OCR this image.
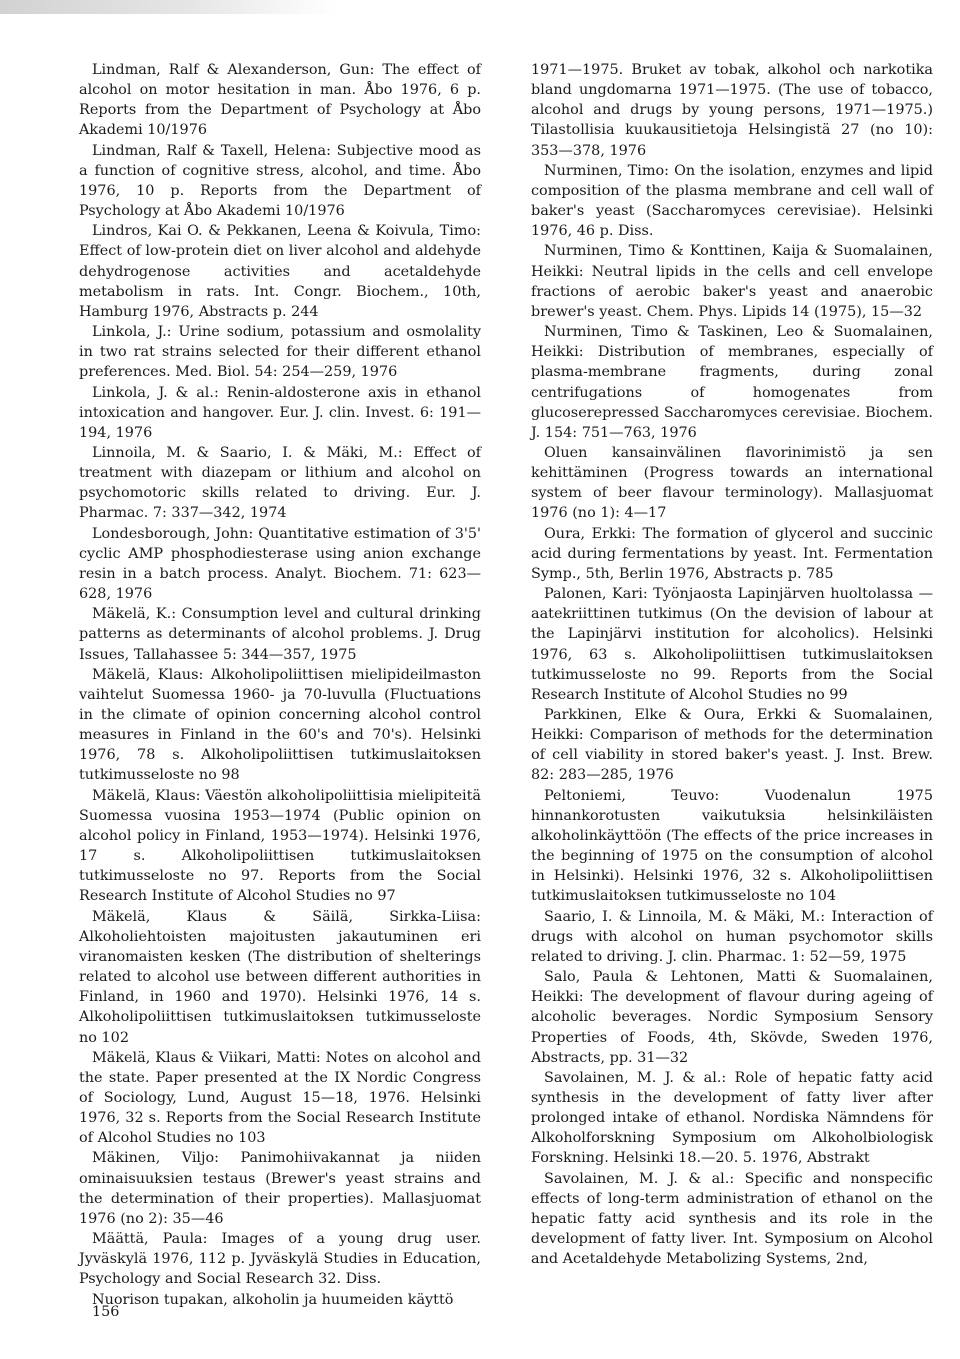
Lindman, Ralf & Alexanderson, Gun: The effect of alcohol on motor hesitation in man. Åbo 1976, 6 p. Reports from the Department of Psychology at Åbo Akademi 10/1976

Lindman, Ralf & Taxell, Helena: Subjective mood as a function of cognitive stress, alcohol, and time. Åbo 1976, 10 p. Reports from the Department of Psychology at Åbo Akademi 10/1976

Lindros, Kai O. & Pekkanen, Leena & Koivula, Timo: Effect of low-protein diet on liver alcohol and aldehyde dehydrogenose activities and acetaldehyde metabolism in rats. Int. Congr. Biochem., 10th, Hamburg 1976, Abstracts p. 244

Linkola, J.: Urine sodium, potassium and osmolality in two rat strains selected for their different ethanol preferences. Med. Biol. 54: 254—259, 1976

Linkola, J. & al.: Renin-aldosterone axis in ethanol intoxication and hangover. Eur. J. clin. Invest. 6: 191—194, 1976

Linnoila, M. & Saario, I. & Mäki, M.: Effect of treatment with diazepam or lithium and alcohol on psychomotoric skills related to driving. Eur. J. Pharmac. 7: 337—342, 1974

Londesborough, John: Quantitative estimation of 3'5' cyclic AMP phosphodiesterase using anion exchange resin in a batch process. Analyt. Biochem. 71: 623—628, 1976

Mäkelä, K.: Consumption level and cultural drinking patterns as determinants of alcohol problems. J. Drug Issues, Tallahassee 5: 344—357, 1975

Mäkelä, Klaus: Alkoholipoliittisen mielipideilmaston vaihtelut Suomessa 1960- ja 70-luvulla (Fluctuations in the climate of opinion concerning alcohol control measures in Finland in the 60's and 70's). Helsinki 1976, 78 s. Alkoholipoliittisen tutkimuslaitoksen tutkimusseloste no 98

Mäkelä, Klaus: Väestön alkoholipoliittisia mielipiteitä Suomessa vuosina 1953—1974 (Public opinion on alcohol policy in Finland, 1953—1974). Helsinki 1976, 17 s. Alkoholipoliittisen tutkimuslaitoksen tutkimusseloste no 97. Reports from the Social Research Institute of Alcohol Studies no 97

Mäkelä, Klaus & Säilä, Sirkka-Liisa: Alkoholiehtoisten majoitusten jakautuminen eri viranomaisten kesken (The distribution of shelterings related to alcohol use between different authorities in Finland, in 1960 and 1970). Helsinki 1976, 14 s. Alkoholipoliittisen tutkimuslaitoksen tutkimusseloste no 102

Mäkelä, Klaus & Viikari, Matti: Notes on alcohol and the state. Paper presented at the IX Nordic Congress of Sociology, Lund, August 15—18, 1976. Helsinki 1976, 32 s. Reports from the Social Research Institute of Alcohol Studies no 103

Mäkinen, Viljo: Panimohiivakannat ja niiden ominaisuuksien testaus (Brewer's yeast strains and the determination of their properties). Mallasjuomat 1976 (no 2): 35—46

Määttä, Paula: Images of a young drug user. Jyväskylä 1976, 112 p. Jyväskylä Studies in Education, Psychology and Social Research 32. Diss.

Nuorison tupakan, alkoholin ja huumeiden käyttö

1971—1975. Bruket av tobak, alkohol och narkotika bland ungdomarna 1971—1975. (The use of tobacco, alcohol and drugs by young persons, 1971—1975.) Tilastollisia kuukausitietoja Helsingistä 27 (no 10): 353—378, 1976

Nurminen, Timo: On the isolation, enzymes and lipid composition of the plasma membrane and cell wall of baker's yeast (Saccharomyces cerevisiae). Helsinki 1976, 46 p. Diss.

Nurminen, Timo & Konttinen, Kaija & Suomalainen, Heikki: Neutral lipids in the cells and cell envelope fractions of aerobic baker's yeast and anaerobic brewer's yeast. Chem. Phys. Lipids 14 (1975), 15—32

Nurminen, Timo & Taskinen, Leo & Suomalainen, Heikki: Distribution of membranes, especially of plasma-membrane fragments, during zonal centrifugations of homogenates from glucoserepressed Saccharomyces cerevisiae. Biochem. J. 154: 751—763, 1976

Oluen kansainvälinen flavorinimistö ja sen kehittäminen (Progress towards an international system of beer flavour terminology). Mallasjuomat 1976 (no 1): 4—17

Oura, Erkki: The formation of glycerol and succinic acid during fermentations by yeast. Int. Fermentation Symp., 5th, Berlin 1976, Abstracts p. 785

Palonen, Kari: Työnjaosta Lapinjärven huoltolassa — aatekriittinen tutkimus (On the devision of labour at the Lapinjärvi institution for alcoholics). Helsinki 1976, 63 s. Alkoholipoliittisen tutkimuslaitoksen tutkimusseloste no 99. Reports from the Social Research Institute of Alcohol Studies no 99

Parkkinen, Elke & Oura, Erkki & Suomalainen, Heikki: Comparison of methods for the determination of cell viability in stored baker's yeast. J. Inst. Brew. 82: 283—285, 1976

Peltoniemi, Teuvo: Vuodenalun 1975 hinnankorotusten vaikutuksia helsinkiläisten alkoholinkäyttöön (The effects of the price increases in the beginning of 1975 on the consumption of alcohol in Helsinki). Helsinki 1976, 32 s. Alkoholipoliittisen tutkimuslaitoksen tutkimusseloste no 104

Saario, I. & Linnoila, M. & Mäki, M.: Interaction of drugs with alcohol on human psychomotor skills related to driving. J. clin. Pharmac. 1: 52—59, 1975

Salo, Paula & Lehtonen, Matti & Suomalainen, Heikki: The development of flavour during ageing of alcoholic beverages. Nordic Symposium Sensory Properties of Foods, 4th, Skövde, Sweden 1976, Abstracts, pp. 31—32

Savolainen, M. J. & al.: Role of hepatic fatty acid synthesis in the development of fatty liver after prolonged intake of ethanol. Nordiska Nämndens för Alkoholforskning Symposium om Alkoholbiologisk Forskning. Helsinki 18.—20. 5. 1976, Abstrakt

Savolainen, M. J. & al.: Specific and nonspecific effects of long-term administration of ethanol on the hepatic fatty acid synthesis and its role in the development of fatty liver. Int. Symposium on Alcohol and Acetaldehyde Metabolizing Systems, 2nd,

156
